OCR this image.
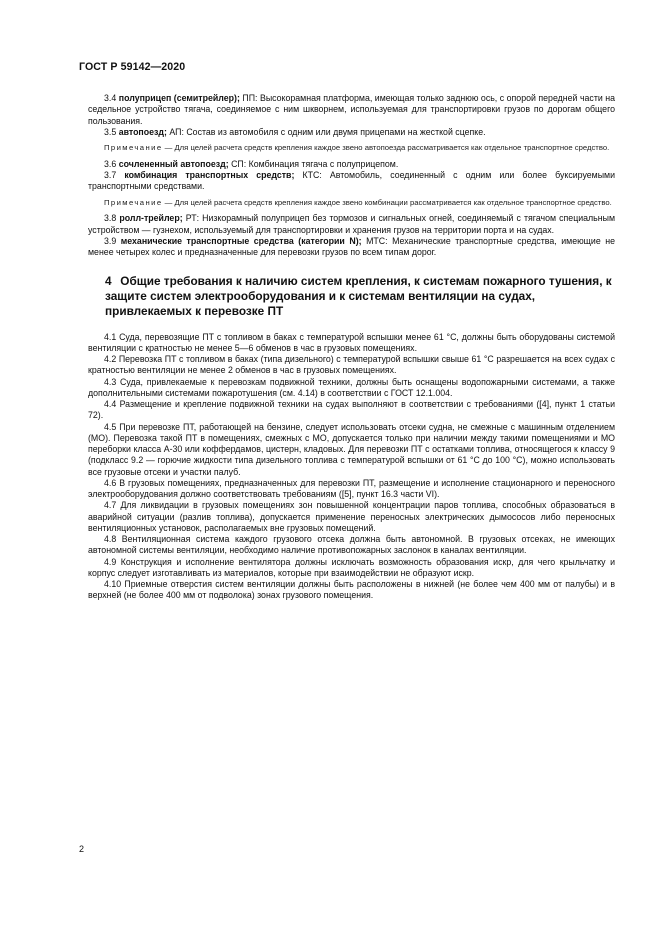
ГОСТ Р 59142—2020

3.4 полуприцеп (семитрейлер); ПП: Высокорамная платформа, имеющая только заднюю ось, с опорой передней части на седельное устройство тягача, соединяемое с ним шкворнем, используемая для транспортировки грузов по дорогам общего пользования.

3.5 автопоезд; АП: Состав из автомобиля с одним или двумя прицепами на жесткой сцепке.

Примечание — Для целей расчета средств крепления каждое звено автопоезда рассматривается как отдельное транспортное средство.

3.6 сочлененный автопоезд; СП: Комбинация тягача с полуприцепом.

3.7 комбинация транспортных средств; КТС: Автомобиль, соединенный с одним или более буксируемыми транспортными средствами.

Примечание — Для целей расчета средств крепления каждое звено комбинации рассматривается как отдельное транспортное средство.

3.8 ролл-трейлер; РТ: Низкорамный полуприцеп без тормозов и сигнальных огней, соединяемый с тягачом специальным устройством — гузнехом, используемый для транспортировки и хранения грузов на территории порта и на судах.

3.9 механические транспортные средства (категории N); МТС: Механические транспортные средства, имеющие не менее четырех колес и предназначенные для перевозки грузов по всем типам дорог.

4 Общие требования к наличию систем крепления, к системам пожарного тушения, к защите систем электрооборудования и к системам вентиляции на судах, привлекаемых к перевозке ПТ

4.1 Суда, перевозящие ПТ с топливом в баках с температурой вспышки менее 61 °С, должны быть оборудованы системой вентиляции с кратностью не менее 5—6 обменов в час в грузовых помещениях.

4.2 Перевозка ПТ с топливом в баках (типа дизельного) с температурой вспышки свыше 61 °С разрешается на всех судах с кратностью вентиляции не менее 2 обменов в час в грузовых помещениях.

4.3 Суда, привлекаемые к перевозкам подвижной техники, должны быть оснащены водопожарными системами, а также дополнительными системами пожаротушения (см. 4.14) в соответствии с ГОСТ 12.1.004.

4.4 Размещение и крепление подвижной техники на судах выполняют в соответствии с требованиями ([4], пункт 1 статьи 72).

4.5 При перевозке ПТ, работающей на бензине, следует использовать отсеки судна, не смежные с машинным отделением (МО). Перевозка такой ПТ в помещениях, смежных с МО, допускается только при наличии между такими помещениями и МО переборки класса А-30 или коффердамов, цистерн, кладовых. Для перевозки ПТ с остатками топлива, относящегося к классу 9 (подкласс 9.2 — горючие жидкости типа дизельного топлива с температурой вспышки от 61 °С до 100 °С), можно использовать все грузовые отсеки и участки палуб.

4.6 В грузовых помещениях, предназначенных для перевозки ПТ, размещение и исполнение стационарного и переносного электрооборудования должно соответствовать требованиям ([5], пункт 16.3 части VI).

4.7 Для ликвидации в грузовых помещениях зон повышенной концентрации паров топлива, способных образоваться в аварийной ситуации (разлив топлива), допускается применение переносных электрических дымососов либо переносных вентиляционных установок, располагаемых вне грузовых помещений.

4.8 Вентиляционная система каждого грузового отсека должна быть автономной. В грузовых отсеках, не имеющих автономной системы вентиляции, необходимо наличие противопожарных заслонок в каналах вентиляции.

4.9 Конструкция и исполнение вентилятора должны исключать возможность образования искр, для чего крыльчатку и корпус следует изготавливать из материалов, которые при взаимодействии не образуют искр.

4.10 Приемные отверстия систем вентиляции должны быть расположены в нижней (не более чем 400 мм от палубы) и в верхней (не более 400 мм от подволока) зонах грузового помещения.

2
